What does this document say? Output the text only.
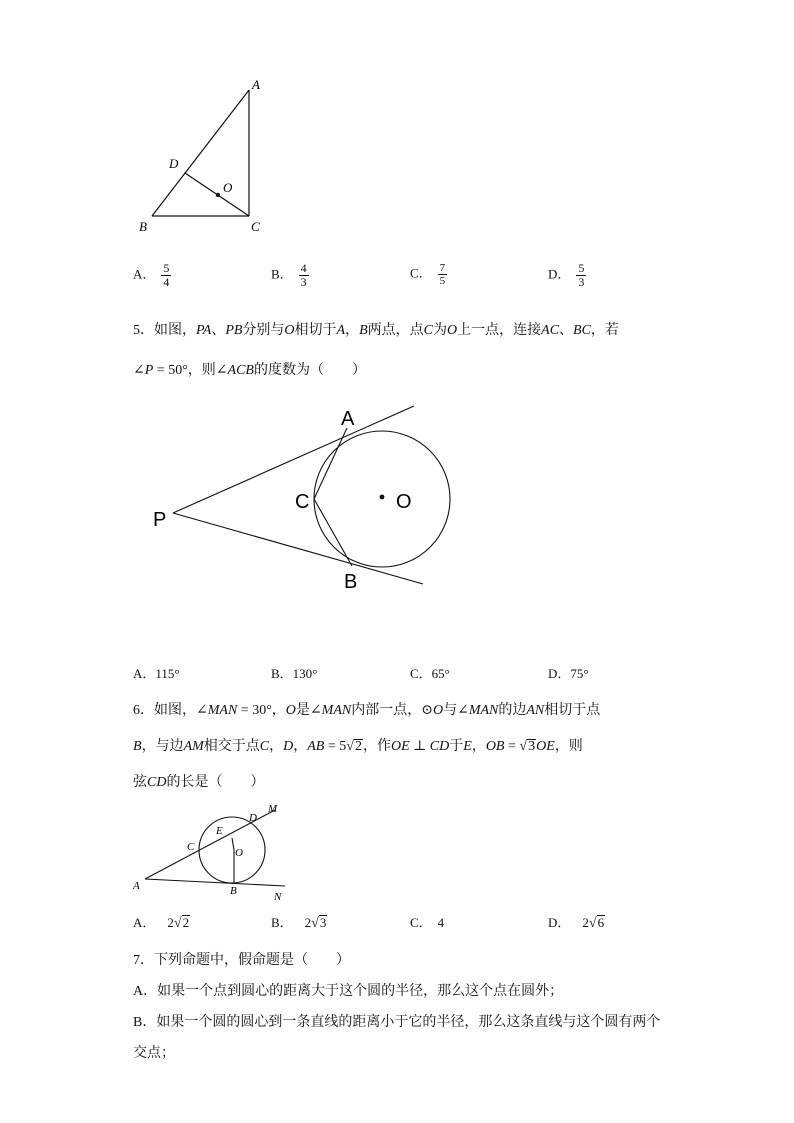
A
D
O
B	C
A． $\frac{5}{4}$	B． $\frac{4}{3}$	C． $\frac{7}{5}$	D． $\frac{5}{3}$
5．如图，PA、PB分别与O相切于A，B两点，点C为O上一点，连接AC、BC，若
∠P = 50°，则∠ACB的度数为（　　）
A
C	O
P
B
A．115°	B．130°	C．65°	D．75°
6．如图，∠MAN = 30°，O是∠MAN内部一点，⊙O与∠MAN的边AN相切于点
B，与边AM相交于点C，D，AB = 5√2，作OE ⊥ CD于E，OB = √3OE，则
弦CD的长是（　　）
M
D
E
C	O
A	B	N
A． 2√2	B． 2√3	C． 4	D． 2√6
7．下列命题中，假命题是（　　）
A．如果一个点到圆心的距离大于这个圆的半径，那么这个点在圆外；
B．如果一个圆的圆心到一条直线的距离小于它的半径，那么这条直线与这个圆有两个
交点；
